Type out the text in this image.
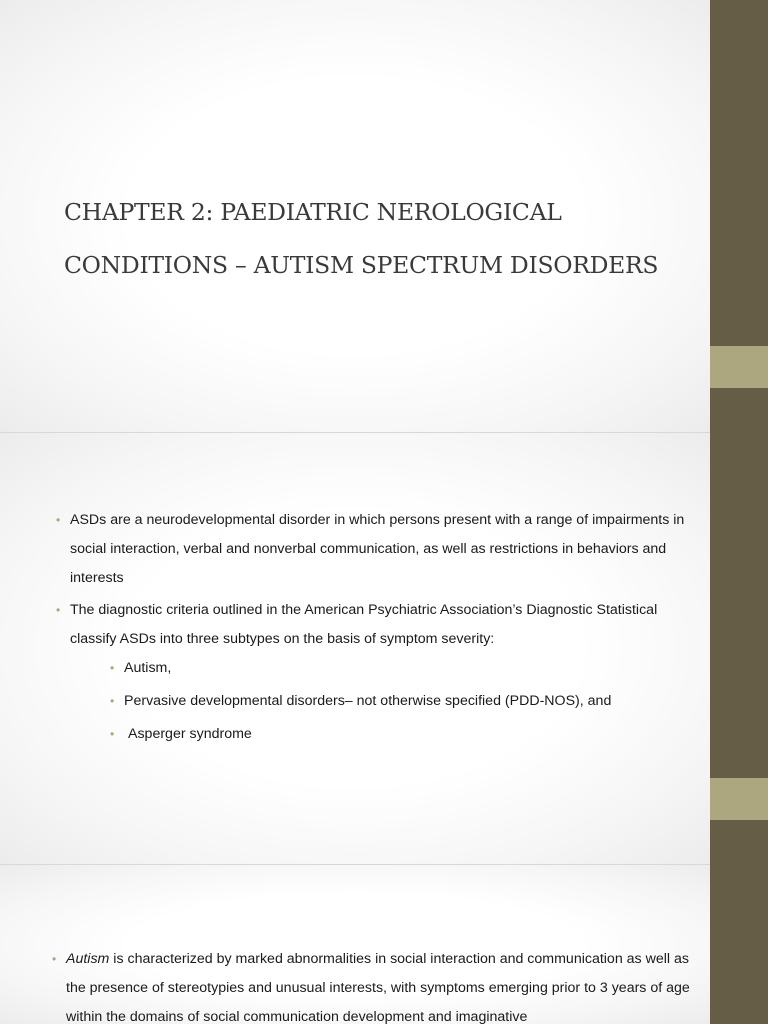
CHAPTER 2: PAEDIATRIC NEROLOGICAL
CONDITIONS – AUTISM SPECTRUM DISORDERS
• ASDs are a neurodevelopmental disorder in which persons present with a range of impairments in social interaction, verbal and nonverbal communication, as well as restrictions in behaviors and interests
• The diagnostic criteria outlined in the American Psychiatric Association’s Diagnostic Statistical classify ASDs into three subtypes on the basis of symptom severity:
• Autism,
• Pervasive developmental disorders– not otherwise specified (PDD-NOS), and
• Asperger syndrome
• Autism is characterized by marked abnormalities in social interaction and communication as well as the presence of stereotypies and unusual interests, with symptoms emerging prior to 3 years of age within the domains of social communication development and imaginative
